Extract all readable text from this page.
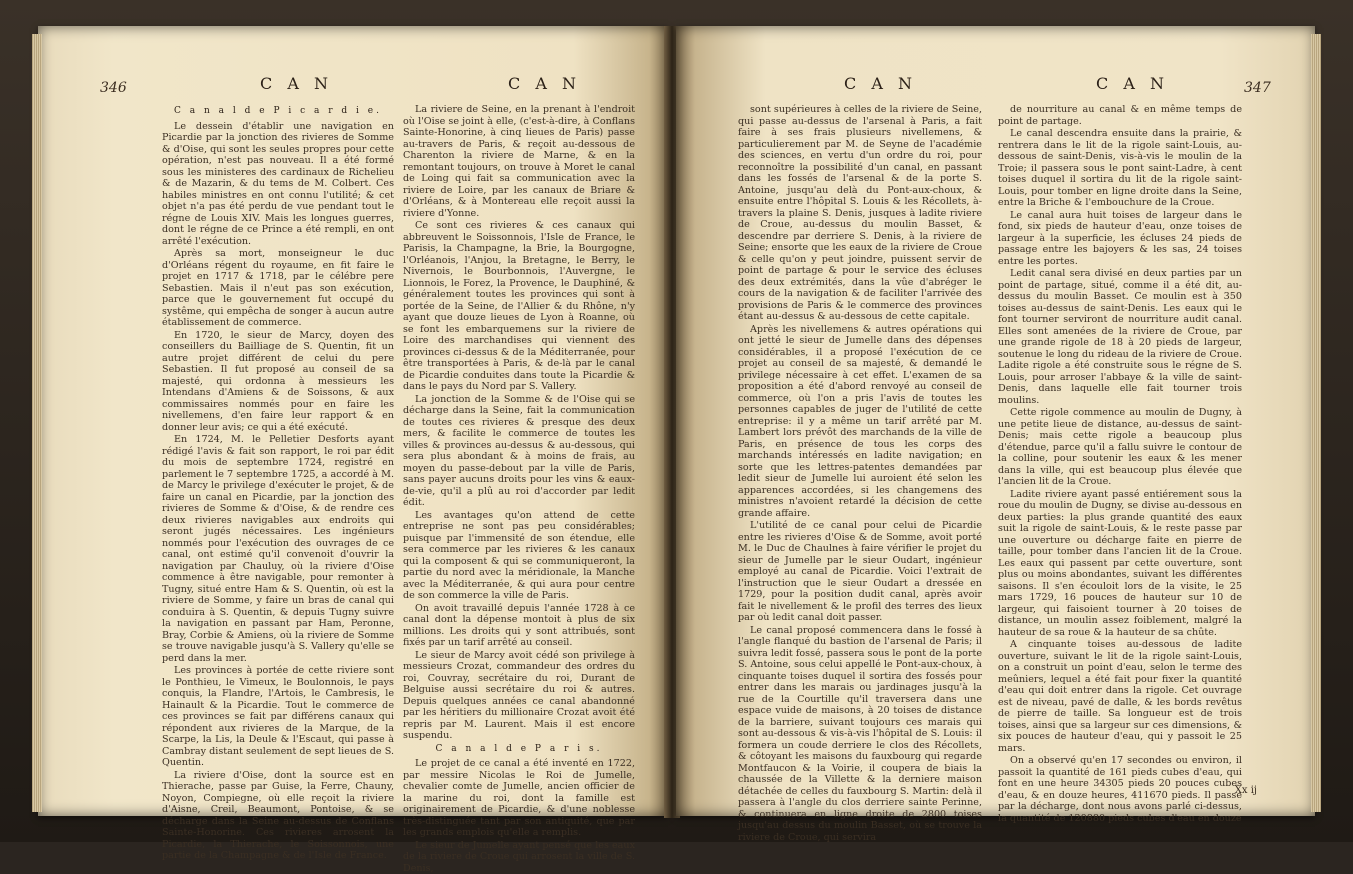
346	C A N	C A N
C a n a l d e P i c a r d i e.

Le dessein d'établir une navigation en Picardie par la jonction des rivieres de Somme & d'Oise, qui sont les seules propres pour cette opération, n'est pas nouveau. Il a été formé sous les ministeres des cardinaux de Richelieu & de Mazarin, & du tems de M. Colbert. Ces habiles ministres en ont connu l'utilité; & cet objet n'a pas été perdu de vue pendant tout le régne de Louis XIV. Mais les longues guerres, dont le régne de ce Prince a été rempli, en ont arrêté l'exécution.

Après sa mort, monseigneur le duc d'Orléans régent du royaume, en fit faire le projet en 1717 & 1718, par le célébre pere Sebastien. Mais il n'eut pas son exécution, parce que le gouvernement fut occupé du systême, qui empêcha de songer à aucun autre établissement de commerce.

En 1720, le sieur de Marcy, doyen des conseillers du Bailliage de S. Quentin, fit un autre projet différent de celui du pere Sebastien. Il fut proposé au conseil de sa majesté, qui ordonna à messieurs les Intendans d'Amiens & de Soissons, & aux commissaires nommés pour en faire les nivellemens, d'en faire leur rapport & en donner leur avis; ce qui a été exécuté.

En 1724, M. le Pelletier Desforts ayant rédigé l'avis & fait son rapport, le roi par édit du mois de septembre 1724, registré en parlement le 7 septembre 1725, a accordé à M. de Marcy le privilege d'exécuter le projet, & de faire un canal en Picardie, par la jonction des rivieres de Somme & d'Oise, & de rendre ces deux rivieres navigables aux endroits qui seront jugés nécessaires. Les ingénieurs nommés pour l'exécution des ouvrages de ce canal, ont estimé qu'il convenoit d'ouvrir la navigation par Chauluy, où la riviere d'Oise commence à être navigable, pour remonter à Tugny, situé entre Ham & S. Quentin, où est la riviere de Somme, y faire un bras de canal qui conduira à S. Quentin, & depuis Tugny suivre la navigation en passant par Ham, Peronne, Bray, Corbie & Amiens, où la riviere de Somme se trouve navigable jusqu'à S. Vallery qu'elle se perd dans la mer.

Les provinces à portée de cette riviere sont le Ponthieu, le Vimeux, le Boulonnois, le pays conquis, la Flandre, l'Artois, le Cambresis, le Hainault & la Picardie. Tout le commerce de ces provinces se fait par différens canaux qui répondent aux rivieres de la Marque, de la Scarpe, la Lis, la Deule & l'Escaut, qui passe à Cambray distant seulement de sept lieues de S. Quentin.

La riviere d'Oise, dont la source est en Thierache, passe par Guise, la Ferre, Chauny, Noyon, Compiegne, où elle reçoit la riviere d'Aisne, Creil, Beaumont, Pontoise, & se décharge dans la Seine au-dessus de Conflans Sainte-Honorine. Ces rivieres arrosent la Picardie, la Thierache, le Soissonnois, une partie de la Champagne & de l'Isle de France.

La riviere de Seine, en la prenant à l'endroit où l'Oise se joint à elle, (c'est-à-dire, à Conflans Sainte-Honorine, à cinq lieues de Paris) passe au-travers de Paris, & reçoit au-dessous de Charenton la riviere de Marne, & en la remontant toujours, on trouve à Moret le canal de Loing qui fait sa communication avec la riviere de Loire, par les canaux de Briare & d'Orléans, & à Montereau elle reçoit aussi la riviere d'Yonne.

Ce sont ces rivieres & ces canaux qui abbreuvent le Soissonnois, l'Isle de France, le Parisis, la Champagne, la Brie, la Bourgogne, l'Orléanois, l'Anjou, la Bretagne, le Berry, le Nivernois, le Bourbonnois, l'Auvergne, le Lionnois, le Forez, la Provence, le Dauphiné, & généralement toutes les provinces qui sont à portée de la Seine, de l'Allier & du Rhône, n'y ayant que douze lieues de Lyon à Roanne, où se font les embarquemens sur la riviere de Loire des marchandises qui viennent des provinces ci-dessus & de la Méditerranée, pour être transportées à Paris, & de-là par le canal de Picardie conduites dans toute la Picardie & dans le pays du Nord par S. Vallery.

La jonction de la Somme & de l'Oise qui se décharge dans la Seine, fait la communication de toutes ces rivieres & presque des deux mers, & facilite le commerce de toutes les villes & provinces au-dessus & au-dessous, qui sera plus abondant & à moins de frais, au moyen du passe-debout par la ville de Paris, sans payer aucuns droits pour les vins & eaux-de-vie, qu'il a plû au roi d'accorder par ledit édit.

Les avantages qu'on attend de cette entreprise ne sont pas peu considérables; puisque par l'immensité de son étendue, elle sera commerce par les rivieres & les canaux qui la composent & qui se communiqueront, la partie du nord avec la méridionale, la Manche avec la Méditerranée, & qui aura pour centre de son commerce la ville de Paris.

On avoit travaillé depuis l'année 1728 à ce canal dont la dépense montoit à plus de six millions. Les droits qui y sont attribués, sont fixés par un tarif arrêté au conseil.

Le sieur de Marcy avoit cédé son privilege à messieurs Crozat, commandeur des ordres du roi, Couvray, secrétaire du roi, Durant de Belguise aussi secrétaire du roi & autres. Depuis quelques années ce canal abandonné par les héritiers du millionaire Crozat avoit été repris par M. Laurent. Mais il est encore suspendu.

C a n a l d e P a r i s.

Le projet de ce canal a été inventé en 1722, par messire Nicolas le Roi de Jumelle, chevalier comte de Jumelle, ancien officier de la marine du roi, dont la famille est originairement de Picardie, & d'une noblesse très-distinguée tant par son antiquité, que par les grands emplois qu'elle a remplis.

Le sieur de Jumelle ayant pensé que les eaux de la riviere de Croue qui arrosent la ville de S. Denis,

C A N	C A N	347

sont supérieures à celles de la riviere de Seine, qui passe au-dessus de l'arsenal à Paris, a fait faire à ses frais plusieurs nivellemens, & particulierement par M. de Seyne de l'académie des sciences, en vertu d'un ordre du roi, pour reconnoître la possibilité d'un canal, en passant dans les fossés de l'arsenal & de la porte S. Antoine, jusqu'au delà du Pont-aux-choux, & ensuite entre l'hôpital S. Louis & les Récollets, à-travers la plaine S. Denis, jusques à ladite riviere de Croue, au-dessus du moulin Basset, & descendre par derriere S. Denis, à la riviere de Seine; ensorte que les eaux de la riviere de Croue & celle qu'on y peut joindre, puissent servir de point de partage & pour le service des écluses des deux extrémités, dans la vûe d'abréger le cours de la navigation & de faciliter l'arrivée des provisions de Paris & le commerce des provinces étant au-dessus & au-dessous de cette capitale.

Après les nivellemens & autres opérations qui ont jetté le sieur de Jumelle dans des dépenses considérables, il a proposé l'exécution de ce projet au conseil de sa majesté, & demandé le privilege nécessaire à cet effet. L'examen de sa proposition a été d'abord renvoyé au conseil de commerce, où l'on a pris l'avis de toutes les personnes capables de juger de l'utilité de cette entreprise: il y a même un tarif arrêté par M. Lambert lors prévôt des marchands de la ville de Paris, en présence de tous les corps des marchands intéressés en ladite navigation; en sorte que les lettres-patentes demandées par ledit sieur de Jumelle lui auroient été selon les apparences accordées, si les changemens des ministres n'avoient retardé la décision de cette grande affaire.

L'utilité de ce canal pour celui de Picardie entre les rivieres d'Oise & de Somme, avoit porté M. le Duc de Chaulnes à faire vérifier le projet du sieur de Jumelle par le sieur Oudart, ingénieur employé au canal de Picardie. Voici l'extrait de l'instruction que le sieur Oudart a dressée en 1729, pour la position dudit canal, après avoir fait le nivellement & le profil des terres des lieux par où ledit canal doit passer.

Le canal proposé commencera dans le fossé à l'angle flanqué du bastion de l'arsenal de Paris; il suivra ledit fossé, passera sous le pont de la porte S. Antoine, sous celui appellé le Pont-aux-choux, à cinquante toises duquel il sortira des fossés pour entrer dans les marais ou jardinages jusqu'à la rue de la Courtille qu'il traversera dans une espace vuide de maisons, à 20 toises de distance de la barriere, suivant toujours ces marais qui sont au-dessous & vis-à-vis l'hôpital de S. Louis: il formera un coude derriere le clos des Récollets, & côtoyant les maisons du fauxbourg qui regarde Montfaucon & la Voirie, il coupera de biais la chaussée de la Villette & la derniere maison détachée de celles du fauxbourg S. Martin: delà il passera à l'angle du clos derriere sainte Perinne, & continuera en ligne droite de 2800 toises jusqu'au dessus du moulin Basset, où se trouve la riviere de Croue, qui servira

de nourriture au canal & en même temps de point de partage.

Le canal descendra ensuite dans la prairie, & rentrera dans le lit de la rigole saint-Louis, au-dessous de saint-Denis, vis-à-vis le moulin de la Troie; il passera sous le pont saint-Ladre, à cent toises duquel il sortira du lit de la rigole saint-Louis, pour tomber en ligne droite dans la Seine, entre la Briche & l'embouchure de la Croue.

Le canal aura huit toises de largeur dans le fond, six pieds de hauteur d'eau, onze toises de largeur à la superficie, les écluses 24 pieds de passage entre les bajoyers & les sas, 24 toises entre les portes.

Ledit canal sera divisé en deux parties par un point de partage, situé, comme il a été dit, au-dessus du moulin Basset. Ce moulin est à 350 toises au-dessus de saint-Denis. Les eaux qui le font tourner serviront de nourriture audit canal. Elles sont amenées de la riviere de Croue, par une grande rigole de 18 à 20 pieds de largeur, soutenue le long du rideau de la riviere de Croue. Ladite rigole a été construite sous le régne de S. Louis, pour arroser l'abbaye & la ville de saint-Denis, dans laquelle elle fait tourner trois moulins.

Cette rigole commence au moulin de Dugny, à une petite lieue de distance, au-dessus de saint-Denis; mais cette rigole a beaucoup plus d'étendue, parce qu'il a fallu suivre le contour de la colline, pour soutenir les eaux & les mener dans la ville, qui est beaucoup plus élevée que l'ancien lit de la Croue.

Ladite riviere ayant passé entiérement sous la roue du moulin de Dugny, se divise au-dessous en deux parties: la plus grande quantité des eaux suit la rigole de saint-Louis, & le reste passe par une ouverture ou décharge faite en pierre de taille, pour tomber dans l'ancien lit de la Croue. Les eaux qui passent par cette ouverture, sont plus ou moins abondantes, suivant les différentes saisons. Il s'en écouloit lors de la visite, le 25 mars 1729, 16 pouces de hauteur sur 10 de largeur, qui faisoient tourner à 20 toises de distance, un moulin assez foiblement, malgré la hauteur de sa roue & la hauteur de sa chûte.

A cinquante toises au-dessous de ladite ouverture, suivant le lit de la rigole saint-Louis, on a construit un point d'eau, selon le terme des meûniers, lequel a été fait pour fixer la quantité d'eau qui doit entrer dans la rigole. Cet ouvrage est de niveau, pavé de dalle, & les bords revêtus de pierre de taille. Sa longueur est de trois toises, ainsi que sa largeur sur ces dimensions, & six pouces de hauteur d'eau, qui y passoit le 25 mars.

On a observé qu'en 17 secondes ou environ, il passoit la quantité de 161 pieds cubes d'eau, qui font en une heure 34305 pieds 20 pouces cubes d'eau, & en douze heures, 411670 pieds. Il passe par la décharge, dont nous avons parlé ci-dessus, la quantité de 120880 pieds cubes d'eau en douze

Xx ij
